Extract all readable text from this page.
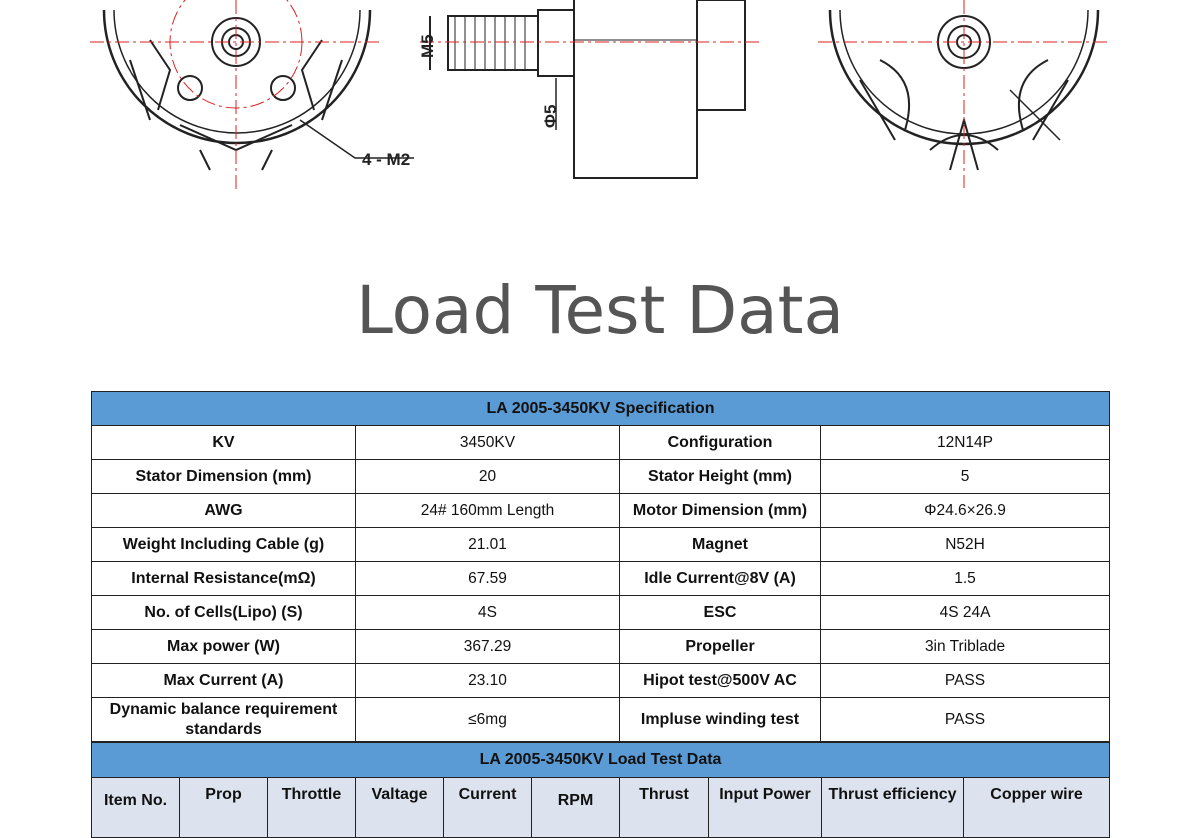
4 - M2
M5
Φ5
Load Test Data
LA 2005-3450KV Specification			
KV	3450KV	Configuration	12N14P
Stator Dimension (mm)	20	Stator Height (mm)	5
AWG	24# 160mm Length	Motor Dimension (mm)	Φ24.6×26.9
Weight Including Cable (g)	21.01	Magnet	N52H
Internal Resistance(mΩ)	67.59	Idle Current@8V (A)	1.5
No. of Cells(Lipo) (S)	4S	ESC	4S 24A
Max power (W)	367.29	Propeller	3in Triblade
Max Current (A)	23.10	Hipot test@500V AC	PASS
Dynamic balance requirement standards	≤6mg	Impluse winding test	PASS
LA 2005-3450KV Load Test Data
Item No.	Prop	Throttle	Valtage	Current	RPM	Thrust	Input Power	Thrust efficiency	Copper wire
